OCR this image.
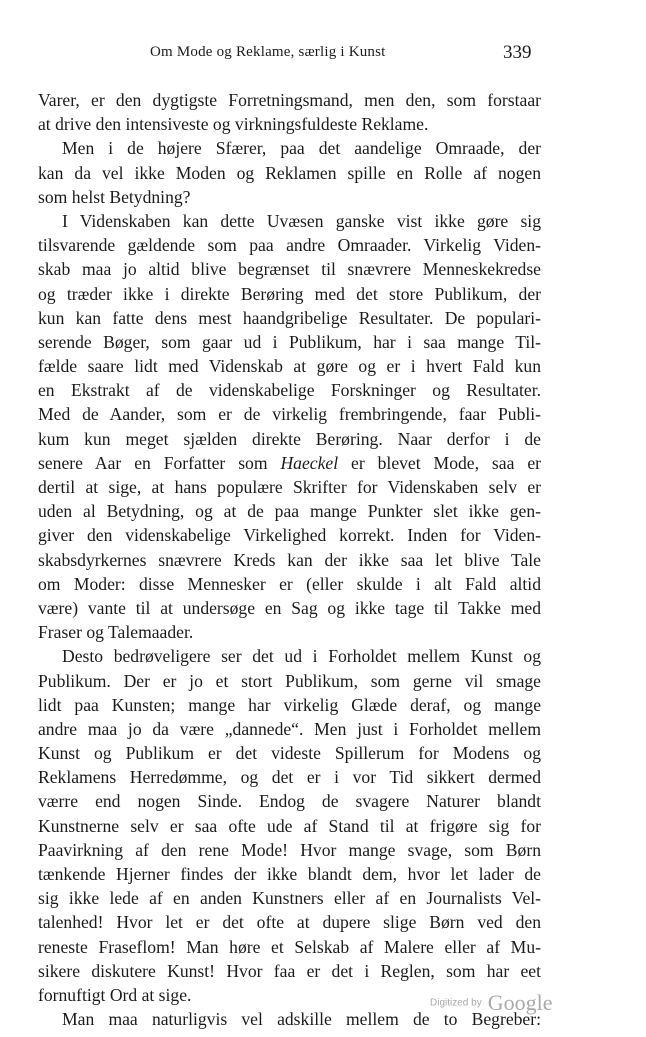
Om Mode og Reklame, særlig i Kunst	339
Varer, er den dygtigste Forretningsmand, men den, som forstaar
at drive den intensiveste og virkningsfuldeste Reklame.
Men i de højere Sfærer, paa det aandelige Omraade, der
kan da vel ikke Moden og Reklamen spille en Rolle af nogen
som helst Betydning?
I Videnskaben kan dette Uvæsen ganske vist ikke gøre sig
tilsvarende gældende som paa andre Omraader. Virkelig Viden-
skab maa jo altid blive begrænset til snævrere Menneskekredse
og træder ikke i direkte Berøring med det store Publikum, der
kun kan fatte dens mest haandgribelige Resultater. De populari-
serende Bøger, som gaar ud i Publikum, har i saa mange Til-
fælde saare lidt med Videnskab at gøre og er i hvert Fald kun
en Ekstrakt af de videnskabelige Forskninger og Resultater.
Med de Aander, som er de virkelig frembringende, faar Publi-
kum kun meget sjælden direkte Berøring. Naar derfor i de
senere Aar en Forfatter som Haeckel er blevet Mode, saa er
dertil at sige, at hans populære Skrifter for Videnskaben selv er
uden al Betydning, og at de paa mange Punkter slet ikke gen-
giver den videnskabelige Virkelighed korrekt. Inden for Viden-
skabsdyrkernes snævrere Kreds kan der ikke saa let blive Tale
om Moder: disse Mennesker er (eller skulde i alt Fald altid
være) vante til at undersøge en Sag og ikke tage til Takke med
Fraser og Talemaader.
Desto bedrøveligere ser det ud i Forholdet mellem Kunst og
Publikum. Der er jo et stort Publikum, som gerne vil smage
lidt paa Kunsten; mange har virkelig Glæde deraf, og mange
andre maa jo da være „dannede“. Men just i Forholdet mellem
Kunst og Publikum er det videste Spillerum for Modens og
Reklamens Herredømme, og det er i vor Tid sikkert dermed
værre end nogen Sinde. Endog de svagere Naturer blandt
Kunstnerne selv er saa ofte ude af Stand til at frigøre sig for
Paavirkning af den rene Mode! Hvor mange svage, som Børn
tænkende Hjerner findes der ikke blandt dem, hvor let lader de
sig ikke lede af en anden Kunstners eller af en Journalists Vel-
talenhed! Hvor let er det ofte at dupere slige Børn ved den
reneste Fraseflom! Man høre et Selskab af Malere eller af Mu-
sikere diskutere Kunst! Hvor faa er det i Reglen, som har eet
fornuftigt Ord at sige.
Man maa naturligvis vel adskille mellem de to Begreber:
Digitized by Google
